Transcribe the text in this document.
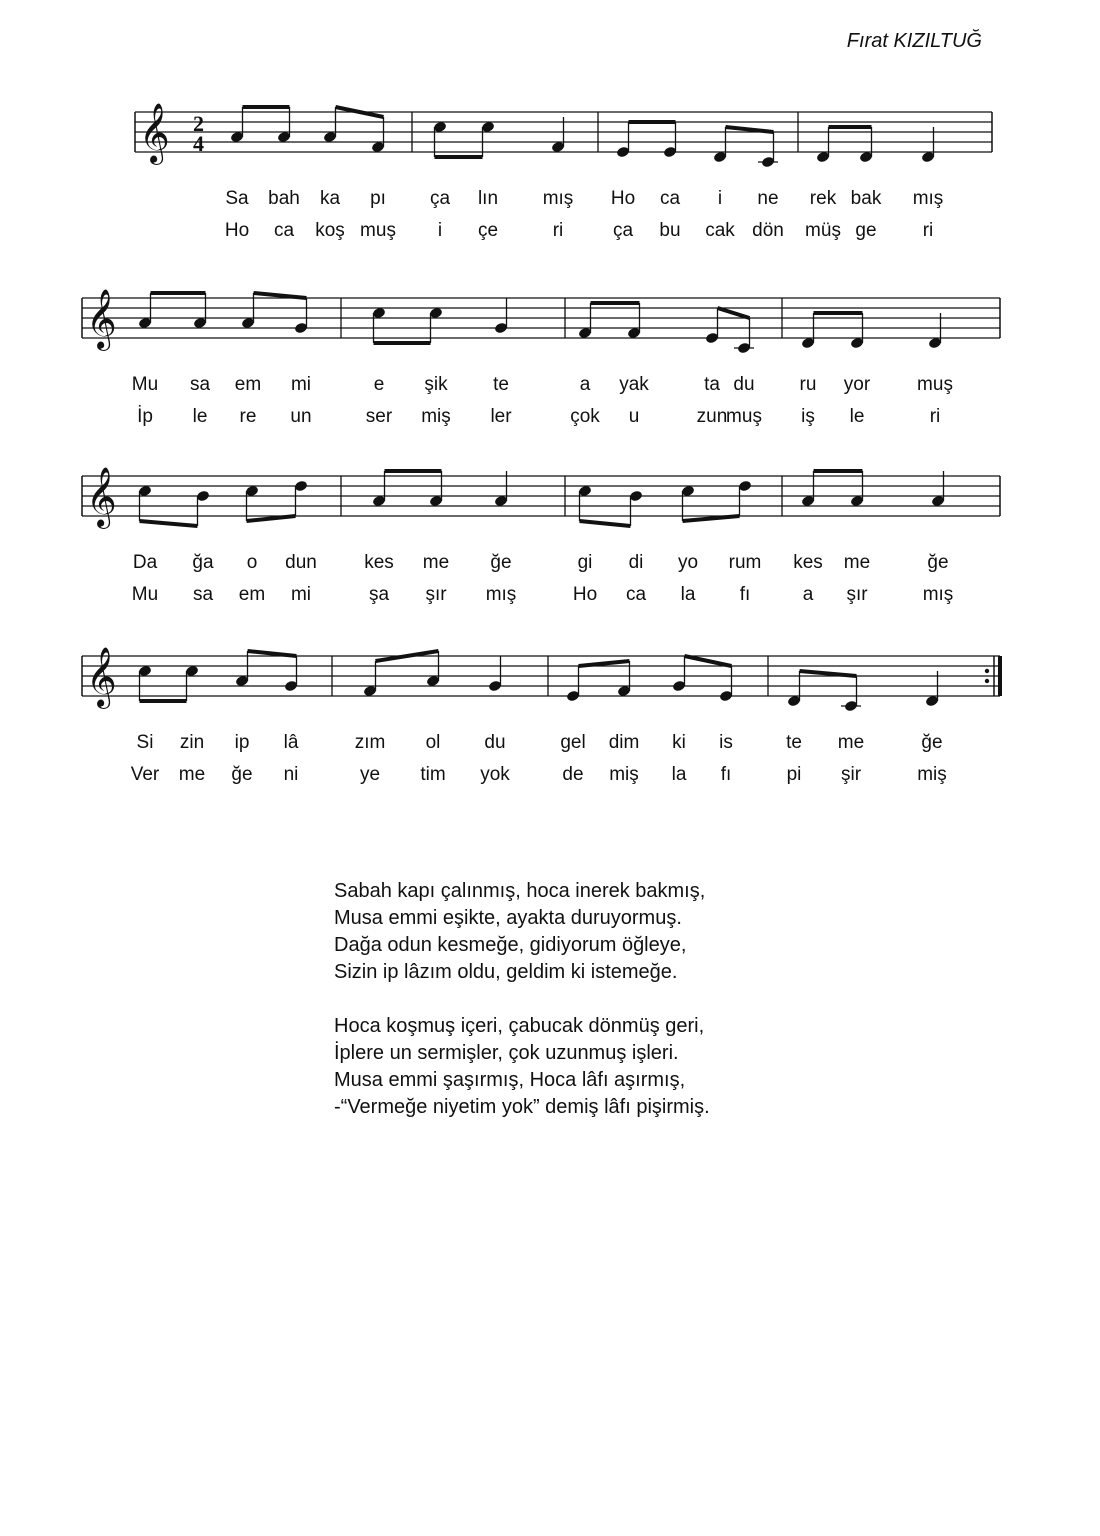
Fırat KIZILTUĞ
𝄞 2
4
𝄞
𝄞
𝄞
Sa bah ka pı ça lın mış Ho ca i ne rek bak mış
Ho ca koş muş i çe	ri	ça bu cak dön müş ge ri
Mu sa em mi	e şik te	a yak	ta du ru yor muş
İp le re un	ser miş ler	çok u	zun
muş iş le	ri
Da ğa o dun kes me ğe	gi di yo rum kes me	ğe
Mu sa em mi	şa şır mış	Ho ca la fı	a şır	mış
Si zin ip lâ	zım ol du	gel dim ki is	te me	ğe
Ver me ğe ni	ye tim yok	de miş la fı	pi şir	miş
Sabah kapı çalınmış, hoca inerek bakmış,
Musa emmi eşikte, ayakta duruyormuş.
Dağa odun kesmeğe, gidiyorum öğleye,
Sizin ip lâzım oldu, geldim ki istemeğe.
Hoca koşmuş içeri, çabucak dönmüş geri,
İplere un sermişler, çok uzunmuş işleri.
Musa emmi şaşırmış, Hoca lâfı aşırmış,
-“Vermeğe niyetim yok” demiş lâfı pişirmiş.
